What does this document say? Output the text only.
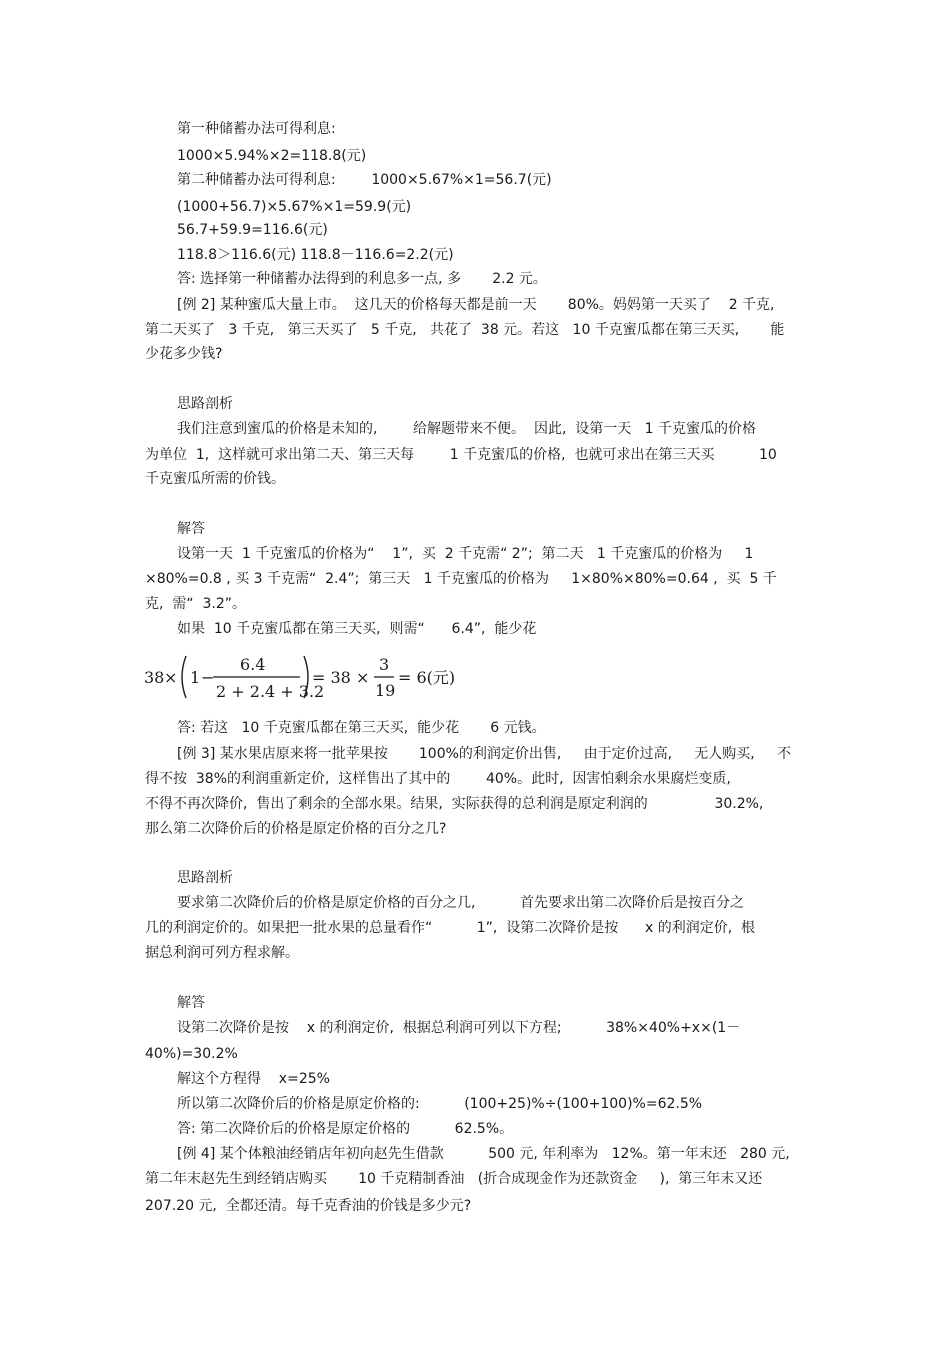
第一种储蓄办法可得利息:
1000×5.94%×2=118.8(元)
第二种储蓄办法可得利息:        1000×5.67%×1=56.7(元)
(1000+56.7)×5.67%×1=59.9(元)
56.7+59.9=116.6(元)
118.8＞116.6(元) 118.8－116.6=2.2(元)
答: 选择第一种储蓄办法得到的利息多一点, 多       2.2 元。
[例 2] 某种蜜瓜大量上市。  这几天的价格每天都是前一天       80%。妈妈第一天买了    2 千克,
第二天买了   3 千克,   第三天买了   5 千克,   共花了  38 元。若这   10 千克蜜瓜都在第三天买,       能
少花多少钱?
思路剖析
我们注意到蜜瓜的价格是未知的,        给解题带来不便。  因此,  设第一天   1 千克蜜瓜的价格
为单位  1,  这样就可求出第二天、第三天每        1 千克蜜瓜的价格,  也就可求出在第三天买          10
千克蜜瓜所需的价钱。
解答
设第一天  1 千克蜜瓜的价格为“    1”,  买  2 千克需“ 2”;  第二天   1 千克蜜瓜的价格为     1
×80%=0.8 , 买 3 千克需“  2.4”;  第三天   1 千克蜜瓜的价格为     1×80%×80%=0.64 ,  买  5 千
克,  需“  3.2”。
如果  10 千克蜜瓜都在第三天买,  则需“      6.4”,  能少花
38 × 1 −
6.4
2 + 2.4 + 3.2
= 38 ×
3
19
= 6(元)
答: 若这   10 千克蜜瓜都在第三天买,  能少花       6 元钱。
[例 3] 某水果店原来将一批苹果按       100%的利润定价出售,     由于定价过高,     无人购买,     不
得不按  38%的利润重新定价,  这样售出了其中的        40%。此时,  因害怕剩余水果腐烂变质,
不得不再次降价,  售出了剩余的全部水果。结果,  实际获得的总利润是原定利润的               30.2%,
那么第二次降价后的价格是原定价格的百分之几?
思路剖析
要求第二次降价后的价格是原定价格的百分之几,          首先要求出第二次降价后是按百分之
几的利润定价的。如果把一批水果的总量看作“          1”,  设第二次降价是按      x 的利润定价,  根
据总利润可列方程求解。
解答
设第二次降价是按    x 的利润定价,  根据总利润可列以下方程;          38%×40%+x×(1－
40%)=30.2%
解这个方程得    x=25%
所以第二次降价后的价格是原定价格的:          (100+25)%÷(100+100)%=62.5%
答: 第二次降价后的价格是原定价格的          62.5%。
[例 4] 某个体粮油经销店年初向赵先生借款          500 元, 年利率为   12%。第一年末还   280 元,
第二年末赵先生到经销店购买       10 千克精制香油   (折合成现金作为还款资金     ),  第三年末又还
207.20 元,  全都还清。每千克香油的价钱是多少元?
